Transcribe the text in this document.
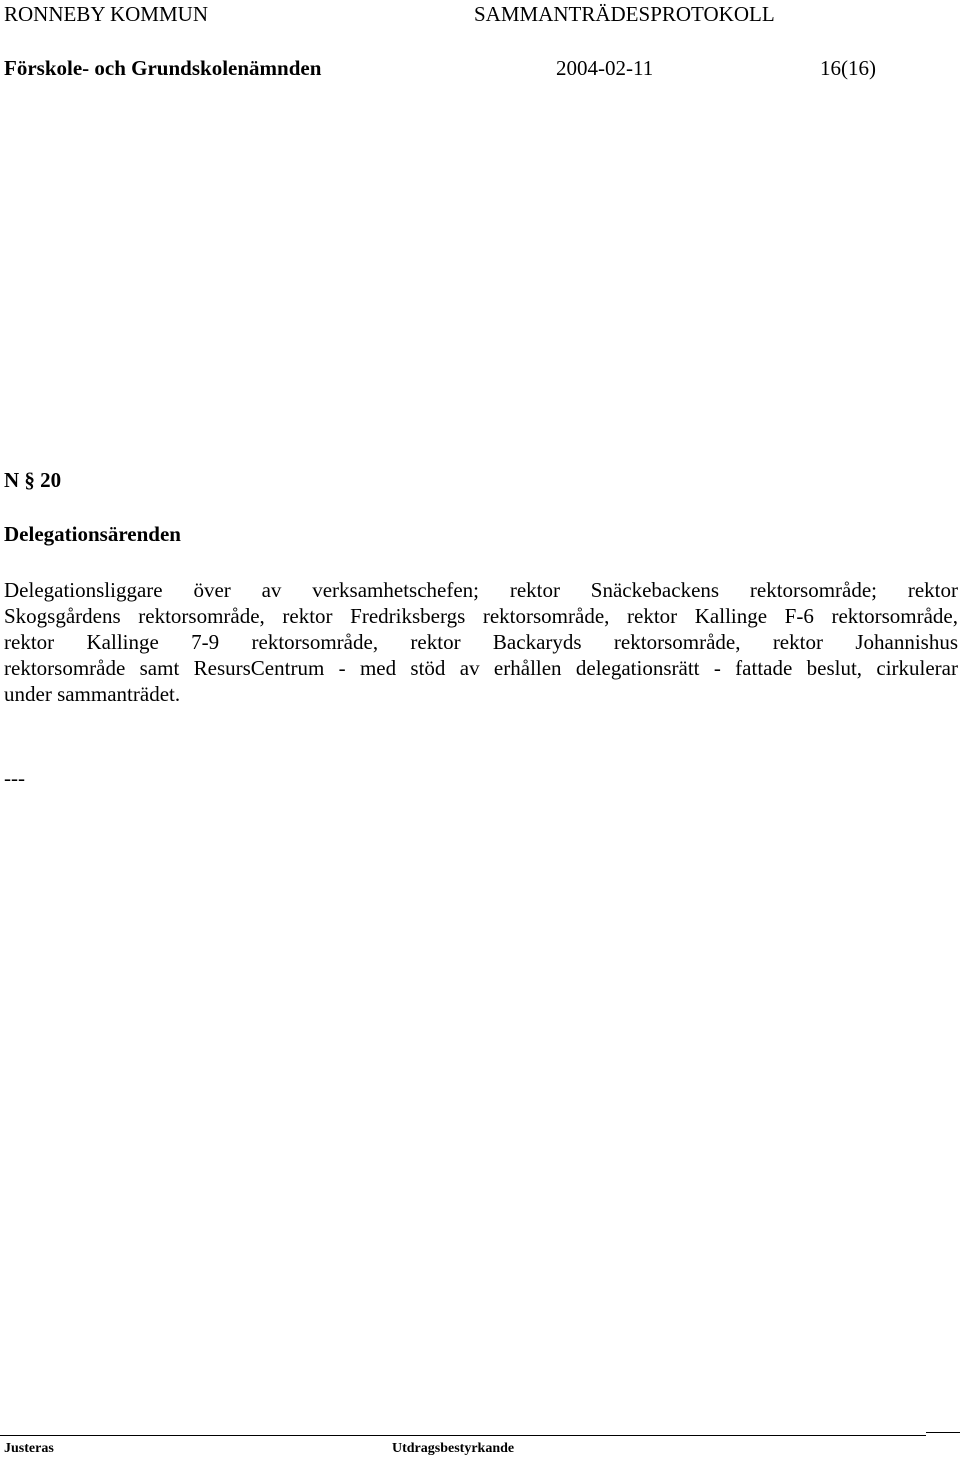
RONNEBY KOMMUN	SAMMANTRÄDESPROTOKOLL
Förskole- och Grundskolenämnden	2004-02-11	16(16)
N § 20
Delegationsärenden
Delegationsliggare över av verksamhetschefen; rektor Snäckebackens rektorsområde; rektor
Skogsgårdens rektorsområde, rektor Fredriksbergs rektorsområde, rektor Kallinge F-6 rektorsområde,
rektor Kallinge 7-9 rektorsområde, rektor Backaryds rektorsområde, rektor Johannishus
rektorsområde samt ResursCentrum - med stöd av erhållen delegationsrätt - fattade beslut, cirkulerar
under sammanträdet.
---
Justeras	Utdragsbestyrkande
